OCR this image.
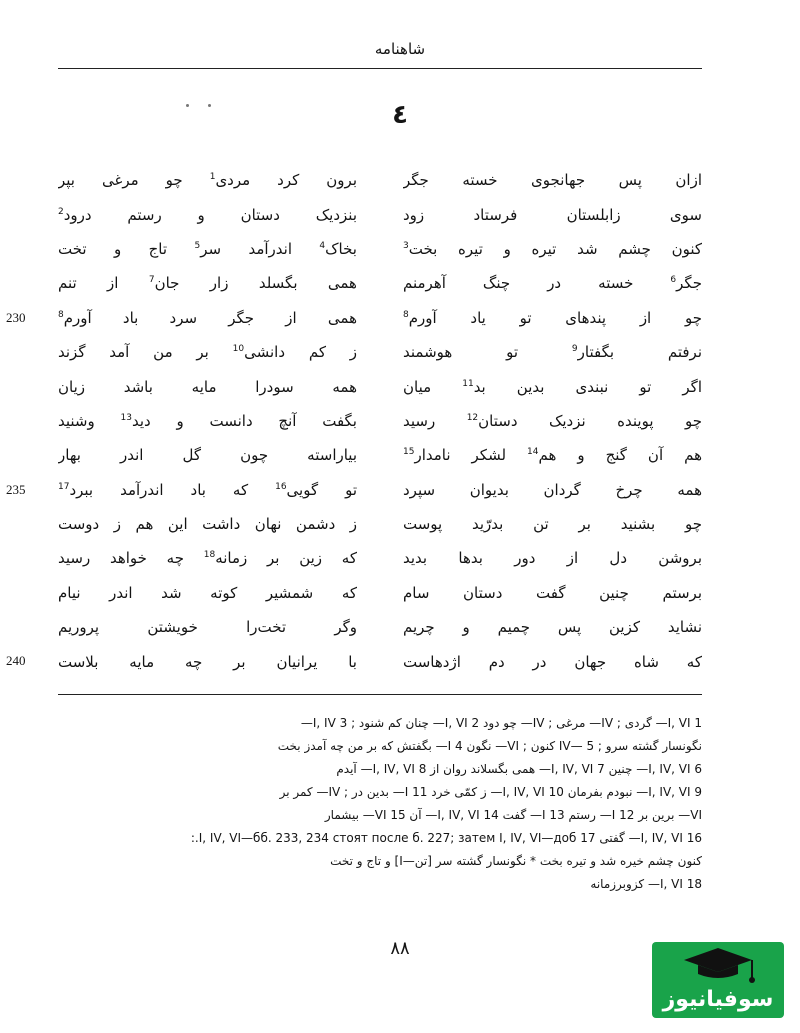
شاهنامه
٤
ازان پس جهانجوی خسته جگر
برون کرد مردی$^1$ چو مرغی بپر
سوی زابلستان فرستاد زود
بنزدیک دستان و رستم درود$^2$
کنون چشم شد تیره و تیره بخت$^3$
بخاک$^4$ اندرآمد سر$^5$ تاج و تخت
جگر$^6$ خسته در چنگ آهرمنم
همی بگسلد زار جان$^7$ از تنم
230	چو از پندهای تو یاد آورم$^8$
همی از جگر سرد باد آورم$^8$
نرفتم بگفتار$^9$ تو هوشمند
ز کم دانشی$^{10}$ بر من آمد گزند
اگر تو نبندی بدین بد$^{11}$ میان
همه سودرا مایه باشد زیان
چو پوینده نزدیک دستان$^{12}$ رسید
بگفت آنچ دانست و دید$^{13}$ وشنید
هم آن گنج و هم$^{14}$ لشکر نامدار$^{15}$
بیاراسته چون گل اندر بهار
235	همه چرخ گردان بدیوان سپرد
تو گویی$^{16}$ که باد اندرآمد ببرد$^{17}$
چو بشنید بر تن بدرّید پوست
ز دشمن نهان داشت این هم ز دوست
بروشن دل از دور بدها بدید
که زین بر زمانه$^{18}$ چه خواهد رسید
برستم چنین گفت دستان سام
که شمشیر کوته شد اندر نیام
نشاید کزین پس چمیم و چریم
وگر تخت‌را خویشتن پروریم
240	که شاه جهان در دم اژدهاست
با یرانیان بر چه مایه بلاست
1 I, VI— گردی ; IV— مرغی ; IV— چو دود 2 I, VI— چنان کم شنود ; 3 I, IV—
نگونسار گشته سرو ; IV— 5 کنون ; VI— نگون 4 I— بگفتش که بر من چه آمدز بخت
6 I, IV, VI— چنین 7 I, IV, VI— همی بگسلاند روان از 8 I, IV, VI— آیدم
9 I, IV, VI— نبودم بفرمان 10 I, IV, VI— ز کمّی خرد 11 I— بدین در ; IV— کمر بر
VI— برین بر 12 I— رستم 13 I— گفت 14 I, IV, VI— آن 15 VI— بیشمار
16 I, IV, VI— گفتی 17 I, IV, VI—бб. 233, 234 стоят после б. 227; затем I, IV, VI—доб.:
کنون چشم خیره شد و تیره بخت * نگونسار گشته سر [تن—I] و تاج و تخت
18 I, VI— کزوبرزمانه
۸۸
سوفیانیوز
